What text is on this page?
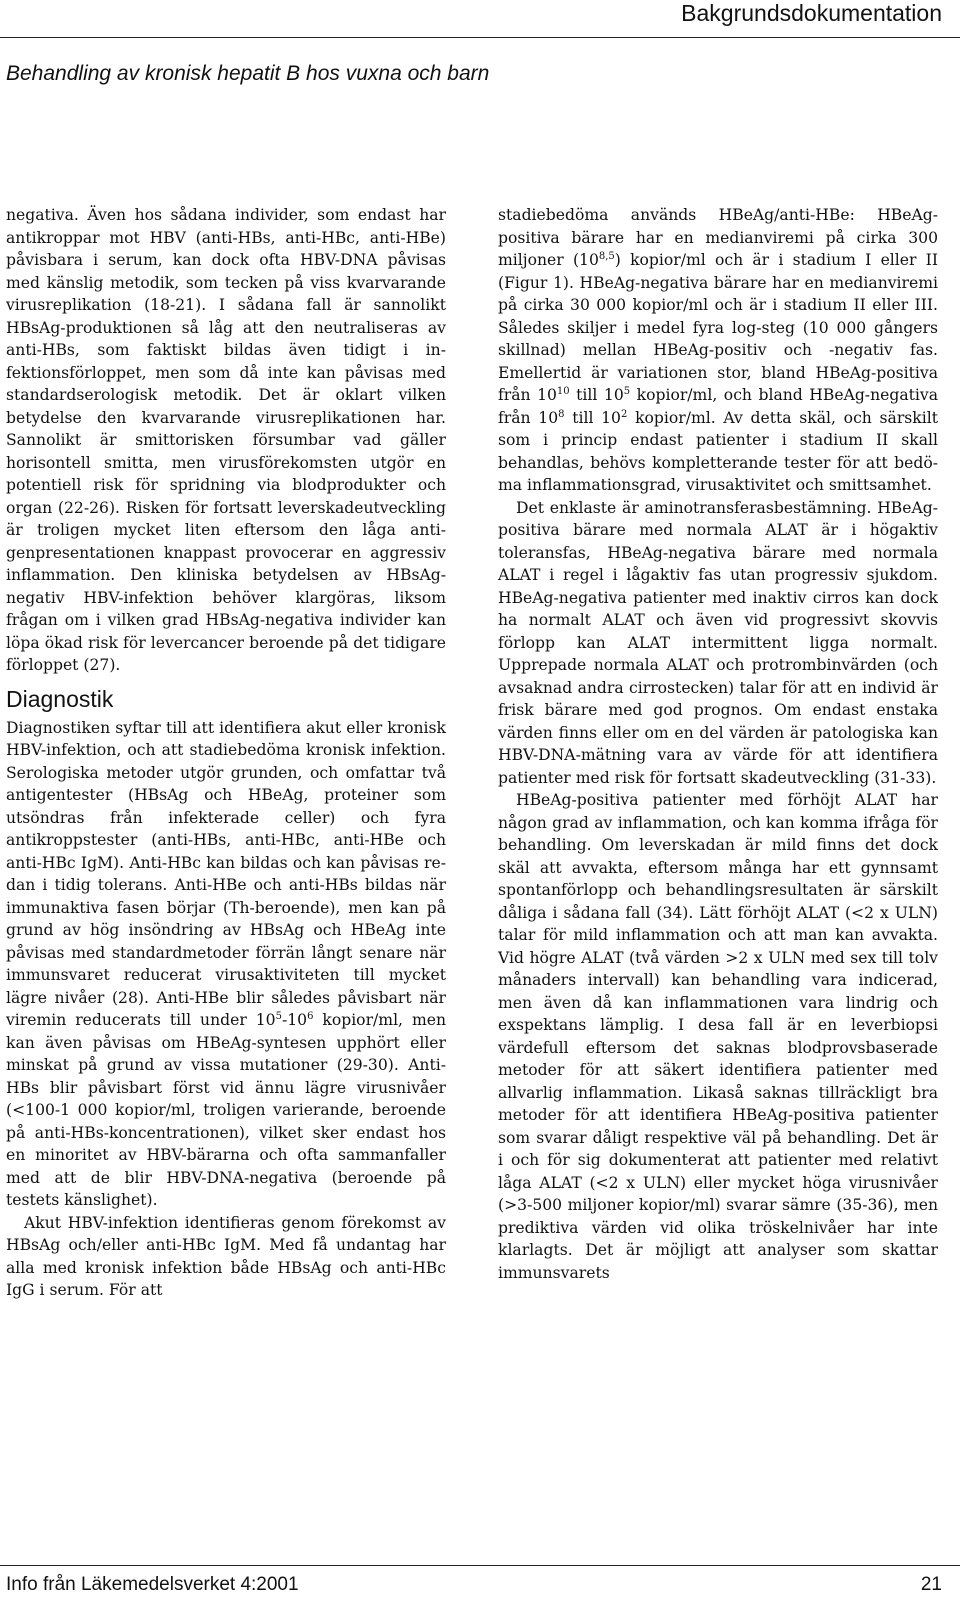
Bakgrundsdokumentation
Behandling av kronisk hepatit B hos vuxna och barn

negativa. Även hos sådana individer, som endast har antikroppar mot HBV (anti-HBs, anti-HBc, anti-HBe) påvisbara i serum, kan dock ofta HBV-DNA påvisas med känslig metodik, som tecken på viss kvarvarande virusreplikation (18-21). I sådana fall är sannolikt HBsAg-produktionen så låg att den neutraliseras av anti-HBs, som faktiskt bildas även tidigt i infektionsförloppet, men som då inte kan påvisas med standardserologisk metodik. Det är oklart vilken betydelse den kvarvarande virusreplikationen har. Sannolikt är smittorisken försumbar vad gäller horisontell smitta, men virusförekomsten utgör en potentiell risk för spridning via blodprodukter och organ (22-26). Risken för fortsatt leverskadeutveckling är troligen mycket liten eftersom den låga antigenpresentationen knappast provocerar en aggressiv inflammation. Den kliniska betydelsen av HBsAg-negativ HBV-infektion behöver klargöras, liksom frågan om i vilken grad HBsAg-negativa individer kan löpa ökad risk för levercancer beroende på det tidigare förloppet (27).

Diagnostik

Diagnostiken syftar till att identifiera akut eller kronisk HBV-infektion, och att stadiebedöma kronisk infektion. Serologiska metoder utgör grunden, och omfattar två antigentester (HBsAg och HBeAg, proteiner som utsöndras från infekterade celler) och fyra antikroppstester (anti-HBs, anti-HBc, anti-HBe och anti-HBc IgM). Anti-HBc kan bildas och kan påvisas redan i tidig tolerans. Anti-HBe och anti-HBs bildas när immunaktiva fasen börjar (Th-beroende), men kan på grund av hög insöndring av HBsAg och HBeAg inte påvisas med standardmetoder förrän långt senare när immunsvaret reducerat virusaktiviteten till mycket lägre nivåer (28). Anti-HBe blir således påvisbart när viremin reducerats till under $10^5-10^6$ kopior/ml, men kan även påvisas om HBeAg-syntesen upphört eller minskat på grund av vissa mutationer (29-30). Anti-HBs blir påvisbart först vid ännu lägre virusnivåer (<100-1 000 kopior/ml, troligen varierande, beroende på anti-HBs-koncentrationen), vilket sker endast hos en minoritet av HBV-bärarna och ofta sammanfaller med att de blir HBV-DNA-negativa (beroende på testets känslighet).

Akut HBV-infektion identifieras genom förekomst av HBsAg och/eller anti-HBc IgM. Med få undantag har alla med kronisk infektion både HBsAg och anti-HBc IgG i serum. För att

stadiebedöma används HBeAg/anti-HBe: HBeAg-positiva bärare har en medianviremi på cirka 300 miljoner (10$^{8,5}$) kopior/ml och är i stadium I eller II (Figur 1). HBeAg-negativa bärare har en medianviremi på cirka 30 000 kopior/ml och är i stadium II eller III. Således skiljer i medel fyra log-steg (10 000 gångers skillnad) mellan HBeAg-positiv och -negativ fas. Emellertid är variationen stor, bland HBeAg-positiva från $10^{10}$ till $10^5$ kopior/ml, och bland HBeAg-negativa från $10^8$ till $10^2$ kopior/ml. Av detta skäl, och särskilt som i princip endast patienter i stadium II skall behandlas, behövs kompletterande tester för att bedöma inflammationsgrad, virusaktivitet och smittsamhet.

Det enklaste är aminotransferasbestämning. HBeAg-positiva bärare med normala ALAT är i högaktiv toleransfas, HBeAg-negativa bärare med normala ALAT i regel i lågaktiv fas utan progressiv sjukdom. HBeAg-negativa patienter med inaktiv cirros kan dock ha normalt ALAT och även vid progressivt skovvis förlopp kan ALAT intermittent ligga normalt. Upprepade normala ALAT och protrombinvärden (och avsaknad andra cirrostecken) talar för att en individ är frisk bärare med god prognos. Om endast enstaka värden finns eller om en del värden är patologiska kan HBV-DNA-mätning vara av värde för att identifiera patienter med risk för fortsatt skadeutveckling (31-33).

HBeAg-positiva patienter med förhöjt ALAT har någon grad av inflammation, och kan komma ifråga för behandling. Om leverskadan är mild finns det dock skäl att avvakta, eftersom många har ett gynnsamt spontanförlopp och behandlingsresultaten är särskilt dåliga i sådana fall (34). Lätt förhöjt ALAT (<2 x ULN) talar för mild inflammation och att man kan avvakta. Vid högre ALAT (två värden >2 x ULN med sex till tolv månaders intervall) kan behandling vara indicerad, men även då kan inflammationen vara lindrig och exspektans lämplig. I desa fall är en leverbiopsi värdefull eftersom det saknas blodprovsbaserade metoder för att säkert identifiera patienter med allvarlig inflammation. Likaså saknas tillräckligt bra metoder för att identifiera HBeAg-positiva patienter som svarar dåligt respektive väl på behandling. Det är i och för sig dokumenterat att patienter med relativt låga ALAT (<2 x ULN) eller mycket höga virusnivåer (>3-500 miljoner kopior/ml) svarar sämre (35-36), men prediktiva värden vid olika tröskelnivåer har inte klarlagts. Det är möjligt att analyser som skattar immunsvarets

Info från Läkemedelsverket 4:2001	21
